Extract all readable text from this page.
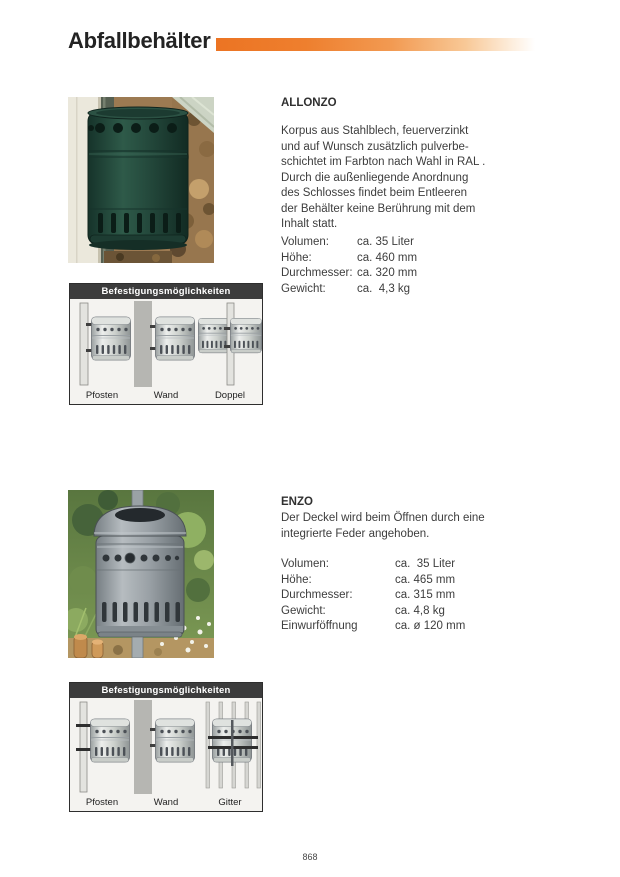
Abfallbehälter
ALLONZO
Korpus aus Stahlblech, feuerverzinkt
und auf Wunsch zusätzlich pulverbe-
schichtet im Farbton nach Wahl in RAL .
Durch die außenliegende Anordnung
des Schlosses findet beim Entleeren
der Behälter keine Berührung mit dem
Inhalt statt.
Volumen:	ca. 35 Liter
Höhe:	ca. 460 mm
Durchmesser: ca. 320 mm
Gewicht:	ca.  4,3 kg
Befestigungsmöglichkeiten
Pfosten	Wand	Doppel
ENZO
Der Deckel wird beim Öffnen durch eine
integrierte Feder angehoben.
Volumen:	ca.  35 Liter
Höhe:	ca. 465 mm
Durchmesser:	ca. 315 mm
Gewicht:	ca. 4,8 kg
Einwurföffnung	ca. ø 120 mm
Befestigungsmöglichkeiten
Pfosten	Wand	Gitter
868
